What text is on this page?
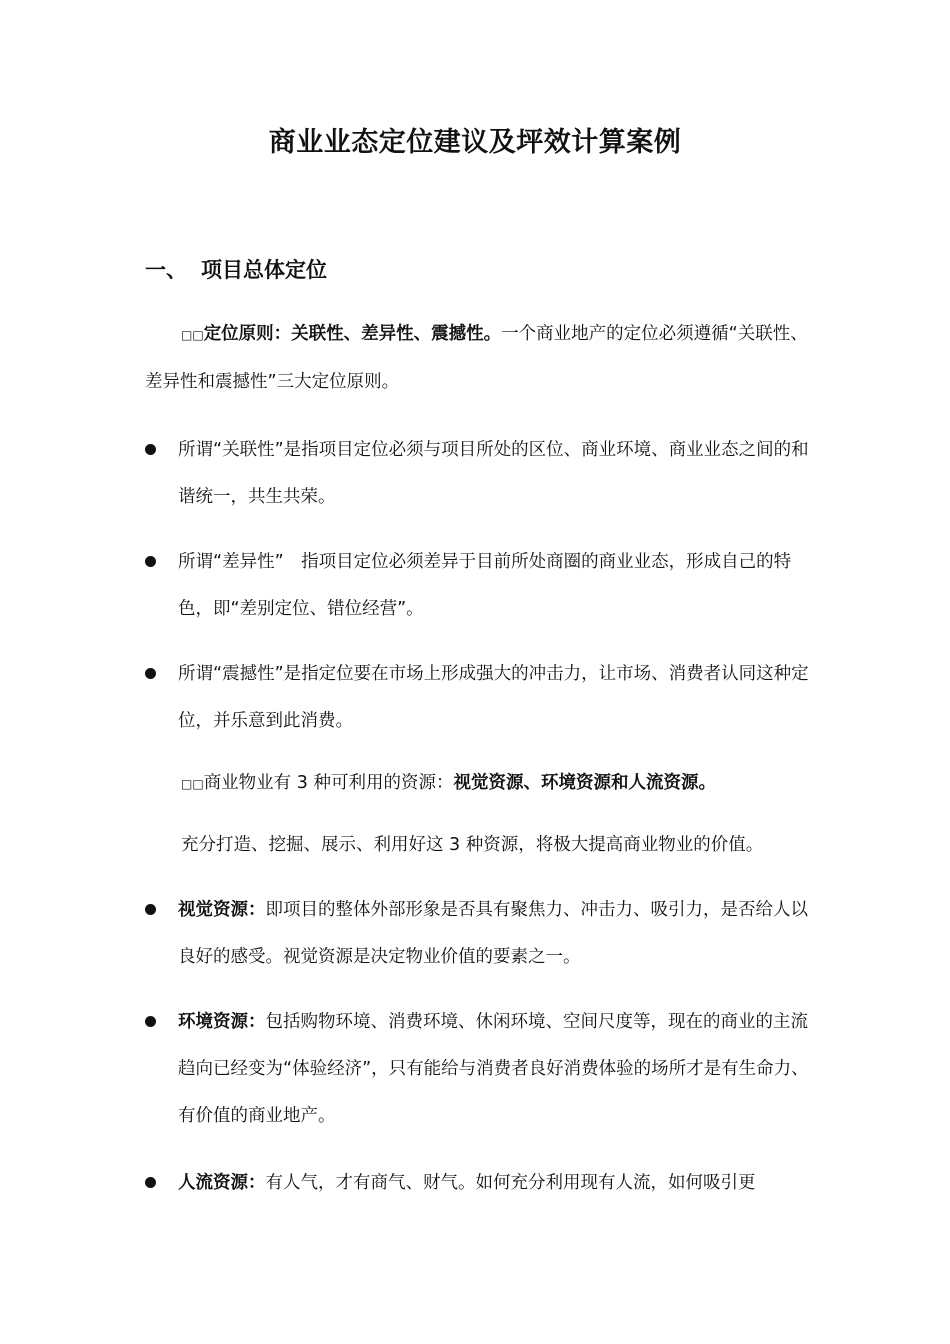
商业业态定位建议及坪效计算案例
一、 项目总体定位
□□定位原则：关联性、差异性、震撼性。一个商业地产的定位必须遵循“关联性、差异性和震撼性”三大定位原则。
所谓“关联性”是指项目定位必须与项目所处的区位、商业环境、商业业态之间的和谐统一，共生共荣。
所谓“差异性”　指项目定位必须差异于目前所处商圈的商业业态，形成自己的特色，即“差别定位、错位经营”。
所谓“震撼性”是指定位要在市场上形成强大的冲击力，让市场、消费者认同这种定位，并乐意到此消费。
□□商业物业有 3 种可利用的资源：视觉资源、环境资源和人流资源。
充分打造、挖掘、展示、利用好这 3 种资源，将极大提高商业物业的价值。
视觉资源：即项目的整体外部形象是否具有聚焦力、冲击力、吸引力，是否给人以良好的感受。视觉资源是决定物业价值的要素之一。
环境资源：包括购物环境、消费环境、休闲环境、空间尺度等，现在的商业的主流趋向已经变为“体验经济”，只有能给与消费者良好消费体验的场所才是有生命力、有价值的商业地产。
人流资源：有人气，才有商气、财气。如何充分利用现有人流，如何吸引更
